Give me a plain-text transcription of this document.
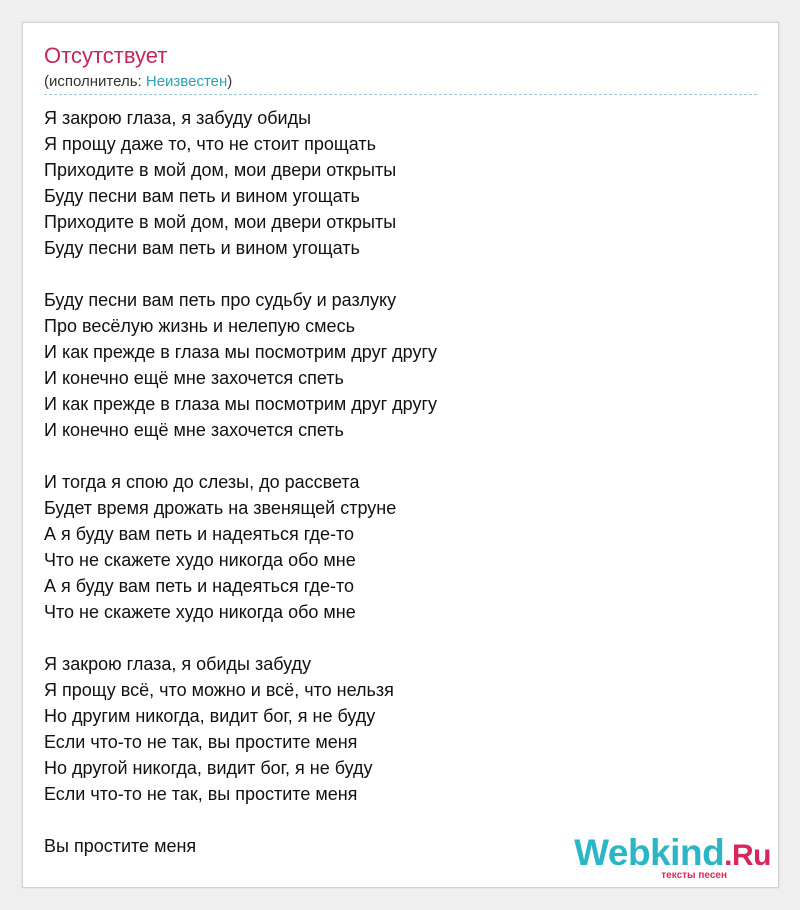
Отсутствует
(исполнитель: Неизвестен)
Я закрою глаза, я забуду обиды
Я прощу даже то, что не стоит прощать
Приходите в мой дом, мои двери открыты
Буду песни вам петь и вином угощать
Приходите в мой дом, мои двери открыты
Буду песни вам петь и вином угощать
Буду песни вам петь про судьбу и разлуку
Про весёлую жизнь и нелепую смесь
И как прежде в глаза мы посмотрим друг другу
И конечно ещё мне захочется спеть
И как прежде в глаза мы посмотрим друг другу
И конечно ещё мне захочется спеть
И тогда я спою до слезы, до рассвета
Будет время дрожать на звенящей струне
А я буду вам петь и надеяться где-то
Что не скажете худо никогда обо мне
А я буду вам петь и надеяться где-то
Что не скажете худо никогда обо мне
Я закрою глаза, я обиды забуду
Я прощу всё, что можно и всё, что нельзя
Но другим никогда, видит бог, я не буду
Если что-то не так, вы простите меня
Но другой никогда, видит бог, я не буду
Если что-то не так, вы простите меня
Вы простите меня	Webkind.Ru
тексты песен
